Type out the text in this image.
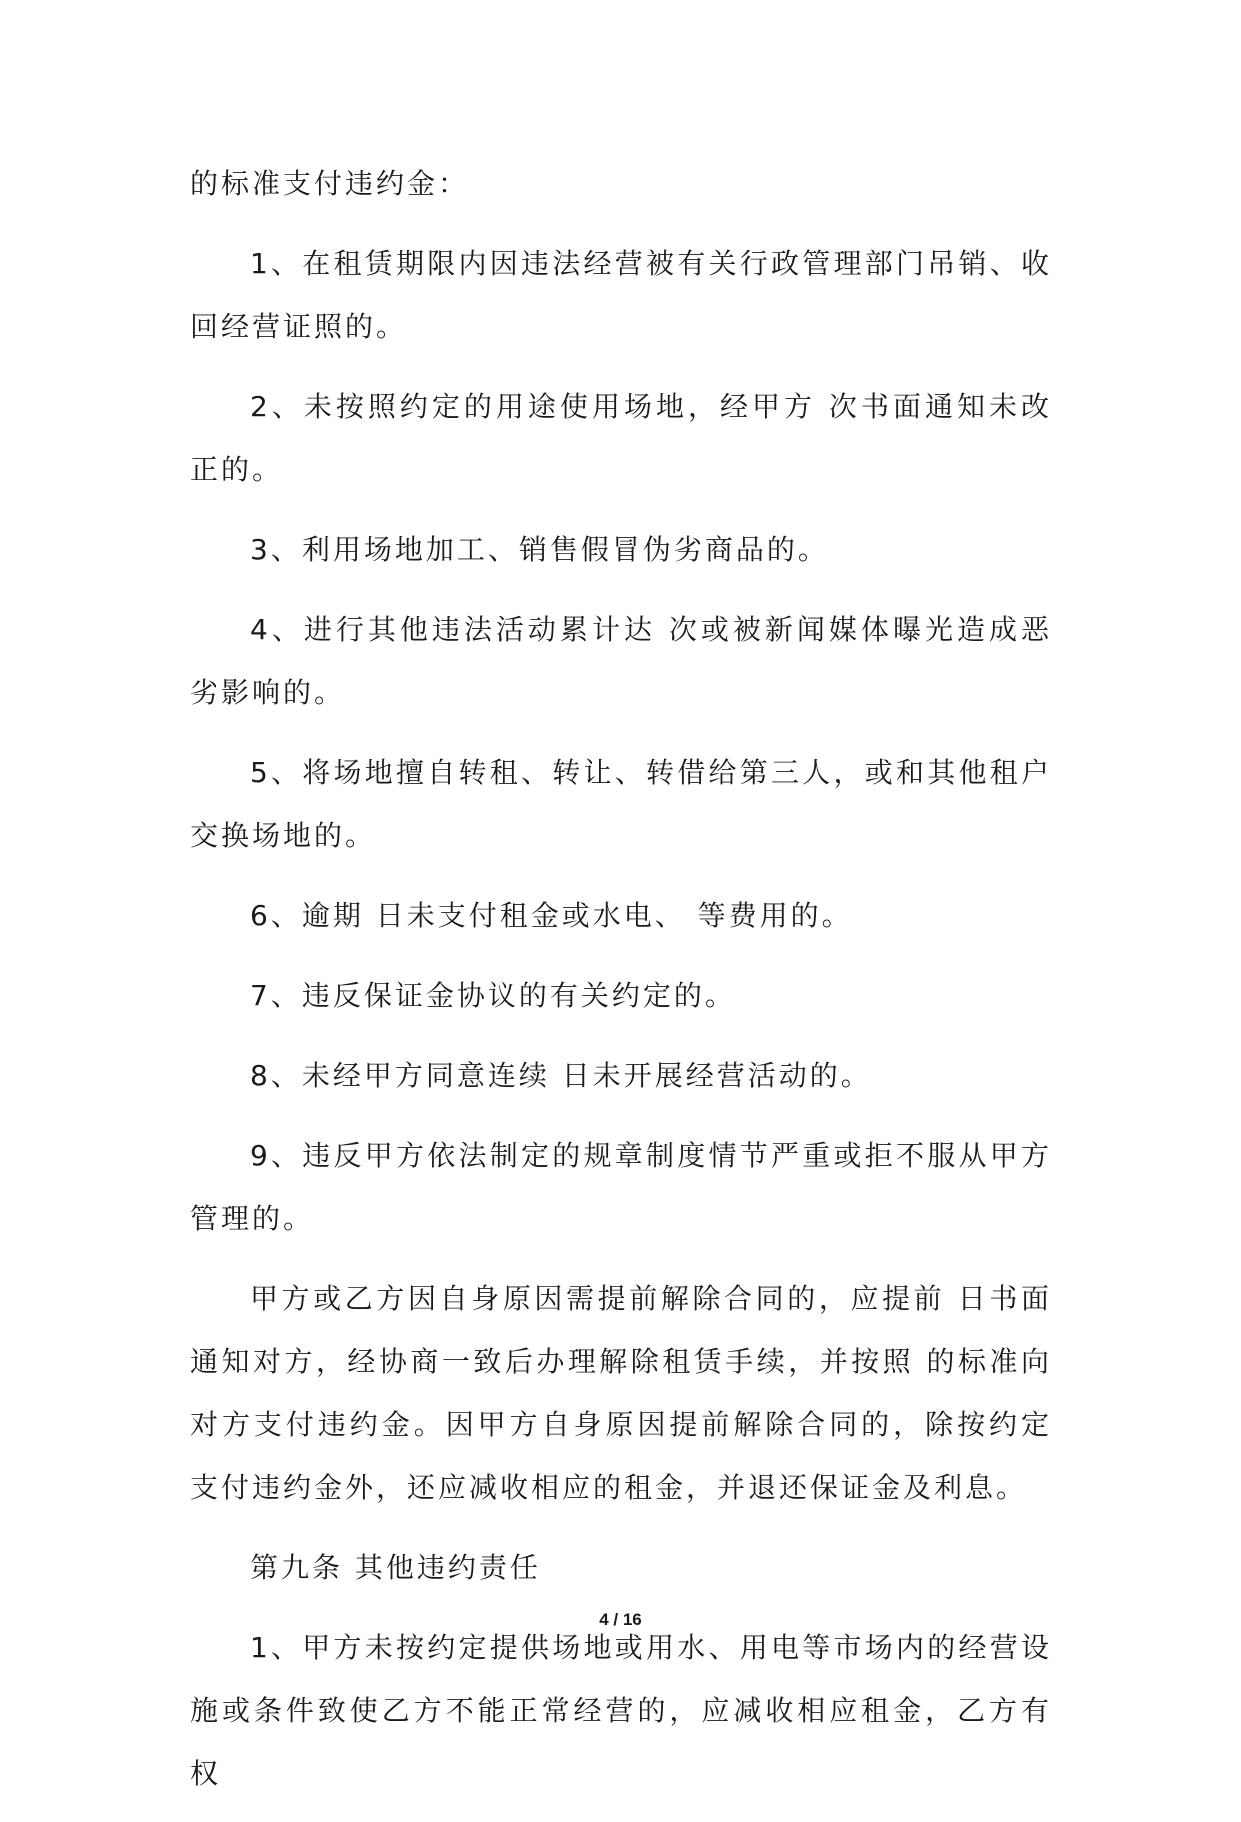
的标准支付违约金：

1、在租赁期限内因违法经营被有关行政管理部门吊销、收回经营证照的。

2、未按照约定的用途使用场地，经甲方 次书面通知未改正的。

3、利用场地加工、销售假冒伪劣商品的。

4、进行其他违法活动累计达 次或被新闻媒体曝光造成恶劣影响的。

5、将场地擅自转租、转让、转借给第三人，或和其他租户交换场地的。

6、逾期 日未支付租金或水电、 等费用的。

7、违反保证金协议的有关约定的。

8、未经甲方同意连续 日未开展经营活动的。

9、违反甲方依法制定的规章制度情节严重或拒不服从甲方管理的。

甲方或乙方因自身原因需提前解除合同的，应提前 日书面通知对方，经协商一致后办理解除租赁手续，并按照 的标准向对方支付违约金。因甲方自身原因提前解除合同的，除按约定支付违约金外，还应减收相应的租金，并退还保证金及利息。

第九条 其他违约责任

1、甲方未按约定提供场地或用水、用电等市场内的经营设施或条件致使乙方不能正常经营的，应减收相应租金，乙方有权

4 / 16
